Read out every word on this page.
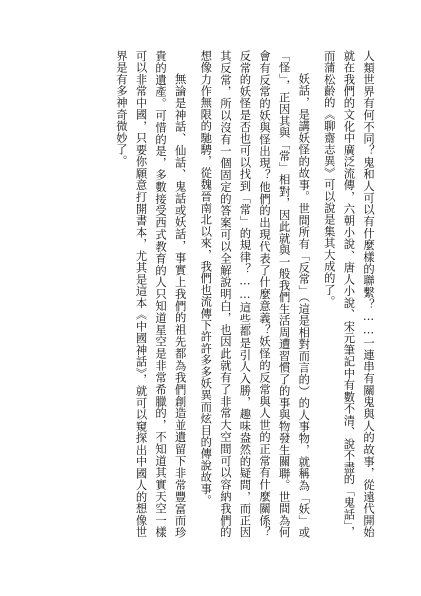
人類世界有何不同？鬼和人可以有什麼樣的聯繫？……一連串有關鬼與人的故事，從遠代開始就在我們的文化中廣泛流傳，六朝小說、唐人小說、宋元筆記中有數不清、說不盡的「鬼話」，而蒲松齡的《聊齋志異》可以說是集其大成的了。

妖話，是講妖怪的故事。世間所有「反常」（這是相對而言的）的人事物，就稱為「妖」或「怪」，正因其與「常」相對，因此就與一般我們生活周遭習慣了的事與物發生關聯。世間為何會有反常的妖與怪出現？他們的出現代表了什麼意義？妖怪的反常與人世的正常有什麼關係？反常的妖怪是否也可以找到「常」的規律？……這些都是引人入勝，趣味盎然的疑問，而正因其反常，所以沒有一個固定的答案可以全解說明白，也因此就有了非常大空間可以容納我們的想像力作無限的馳騁，從魏晉南北以來，我們也流傳下許許多多妖異而炫目的傳說故事。

無論是神話、仙話、鬼話或妖話，事實上我們的祖先都為我們創造並遺留下非常豐富而珍貴的遺產。可惜的是，多數接受西式教育的人只知道星空是非常希臘的，不知道其實天空一樣可以非常中國，只要你願意打開書本，尤其是這本《中國神話》，就可以窺探出中國人的想像世界是有多神奇微妙了。
